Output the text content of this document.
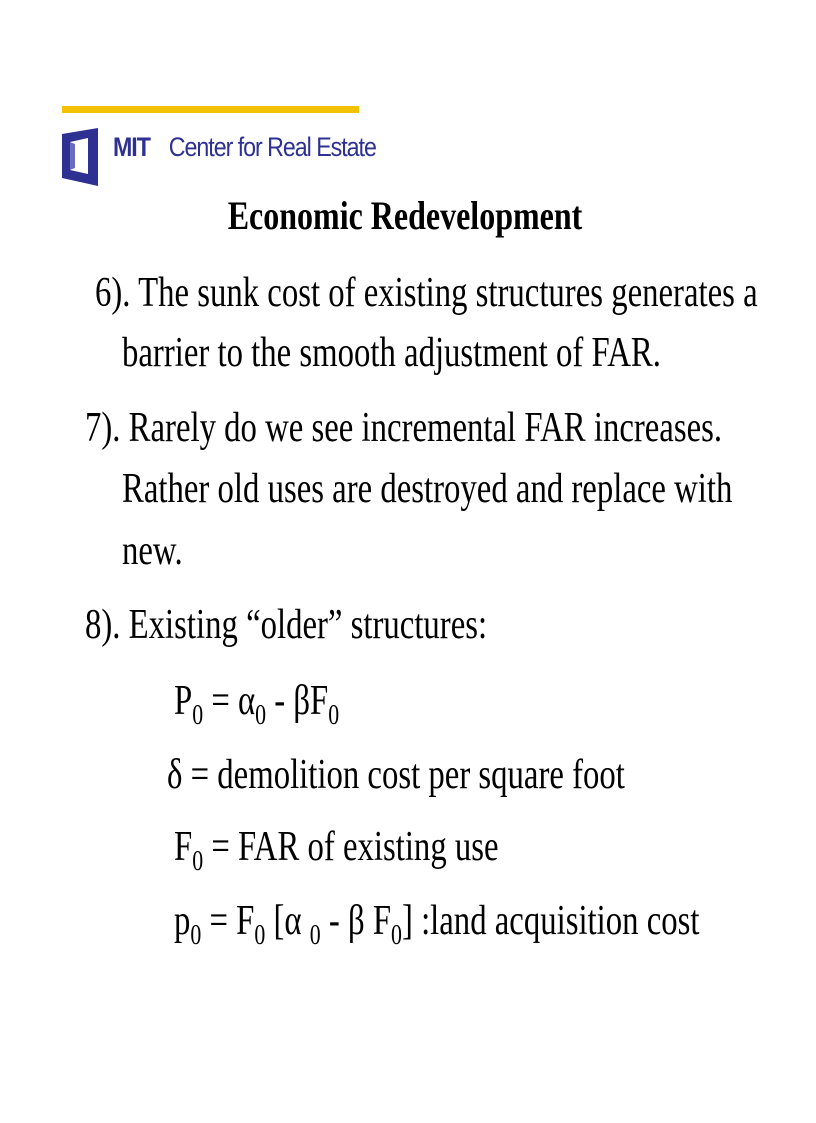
MIT Center for Real Estate
Economic Redevelopment
6). The sunk cost of existing structures generates a
barrier to the smooth adjustment of FAR.
7). Rarely do we see incremental FAR increases.
Rather old uses are destroyed and replace with
new.
8). Existing “older” structures:
$P_0 = \alpha_0 - \beta F_0$
δ = demolition cost per square foot
$F_0$ = FAR of existing use
$p_0 = F_0$ [α $_0$ - β $F_0$] :land acquisition cost
